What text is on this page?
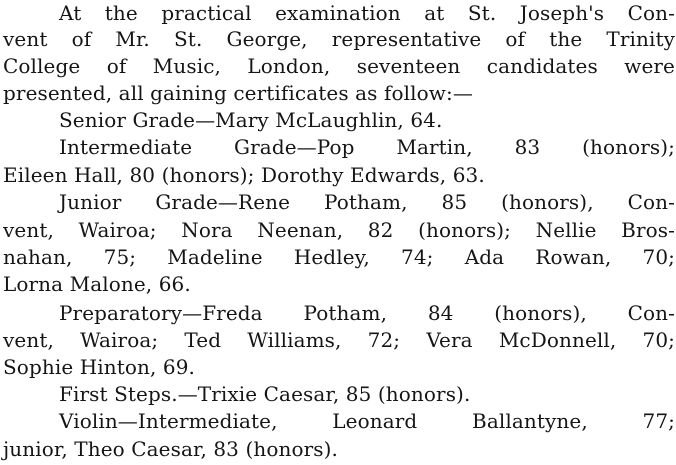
At the practical examination at St. Joseph's Con-
vent of Mr. St. George, representative of the Trinity
College of Music, London, seventeen candidates were
presented, all gaining certificates as follow:—
Senior Grade—Mary McLaughlin, 64.
Intermediate Grade—Pop Martin, 83 (honors);
Eileen Hall, 80 (honors); Dorothy Edwards, 63.
Junior Grade—Rene Potham, 85 (honors), Con-
vent, Wairoa; Nora Neenan, 82 (honors); Nellie Bros-
nahan, 75; Madeline Hedley, 74; Ada Rowan, 70;
Lorna Malone, 66.
Preparatory—Freda Potham, 84 (honors), Con-
vent, Wairoa; Ted Williams, 72; Vera McDonnell, 70;
Sophie Hinton, 69.
First Steps.—Trixie Caesar, 85 (honors).
Violin—Intermediate, Leonard Ballantyne, 77;
junior, Theo Caesar, 83 (honors).
